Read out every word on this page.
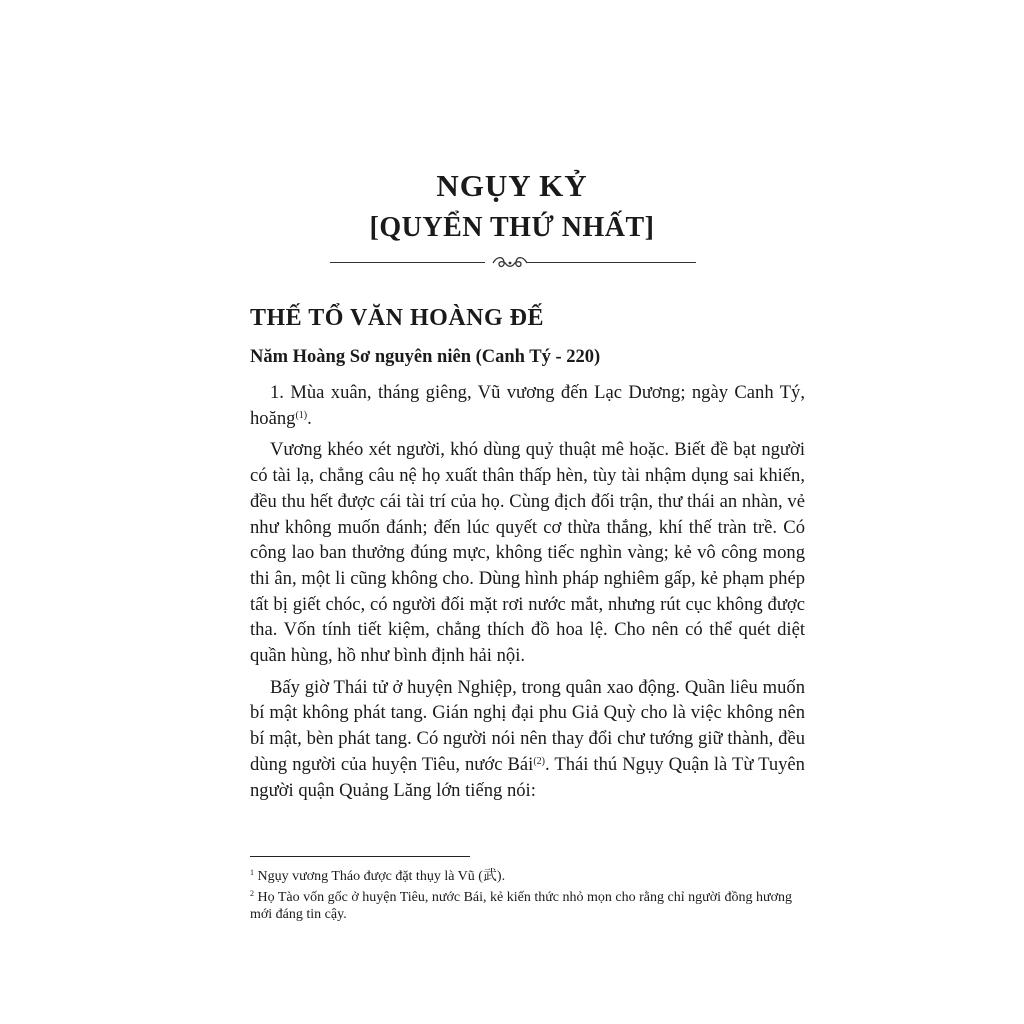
NGỤY KỶ
[QUYỂN THỨ NHẤT]
THẾ TỔ VĂN HOÀNG ĐẾ
Năm Hoàng Sơ nguyên niên (Canh Tý - 220)

1. Mùa xuân, tháng giêng, Vũ vương đến Lạc Dương; ngày Canh Tý, hoăng$^{(1)}$.

Vương khéo xét người, khó dùng quỷ thuật mê hoặc. Biết đề bạt người có tài lạ, chẳng câu nệ họ xuất thân thấp hèn, tùy tài nhậm dụng sai khiến, đều thu hết được cái tài trí của họ. Cùng địch đối trận, thư thái an nhàn, vẻ như không muốn đánh; đến lúc quyết cơ thừa thắng, khí thế tràn trề. Có công lao ban thưởng đúng mực, không tiếc nghìn vàng; kẻ vô công mong thi ân, một li cũng không cho. Dùng hình pháp nghiêm gấp, kẻ phạm phép tất bị giết chóc, có người đối mặt rơi nước mắt, nhưng rút cục không được tha. Vốn tính tiết kiệm, chẳng thích đồ hoa lệ. Cho nên có thể quét diệt quần hùng, hồ như bình định hải nội.

Bấy giờ Thái tử ở huyện Nghiệp, trong quân xao động. Quần liêu muốn bí mật không phát tang. Gián nghị đại phu Giả Quỳ cho là việc không nên bí mật, bèn phát tang. Có người nói nên thay đổi chư tướng giữ thành, đều dùng người của huyện Tiêu, nước Bái$^{(2)}$. Thái thú Ngụy Quận là Từ Tuyên người quận Quảng Lăng lớn tiếng nói:

$^1$ Ngụy vương Tháo được đặt thụy là Vũ (武).

$^2$ Họ Tào vốn gốc ở huyện Tiêu, nước Bái, kẻ kiến thức nhỏ mọn cho rằng chỉ người đồng hương mới đáng tin cậy.
